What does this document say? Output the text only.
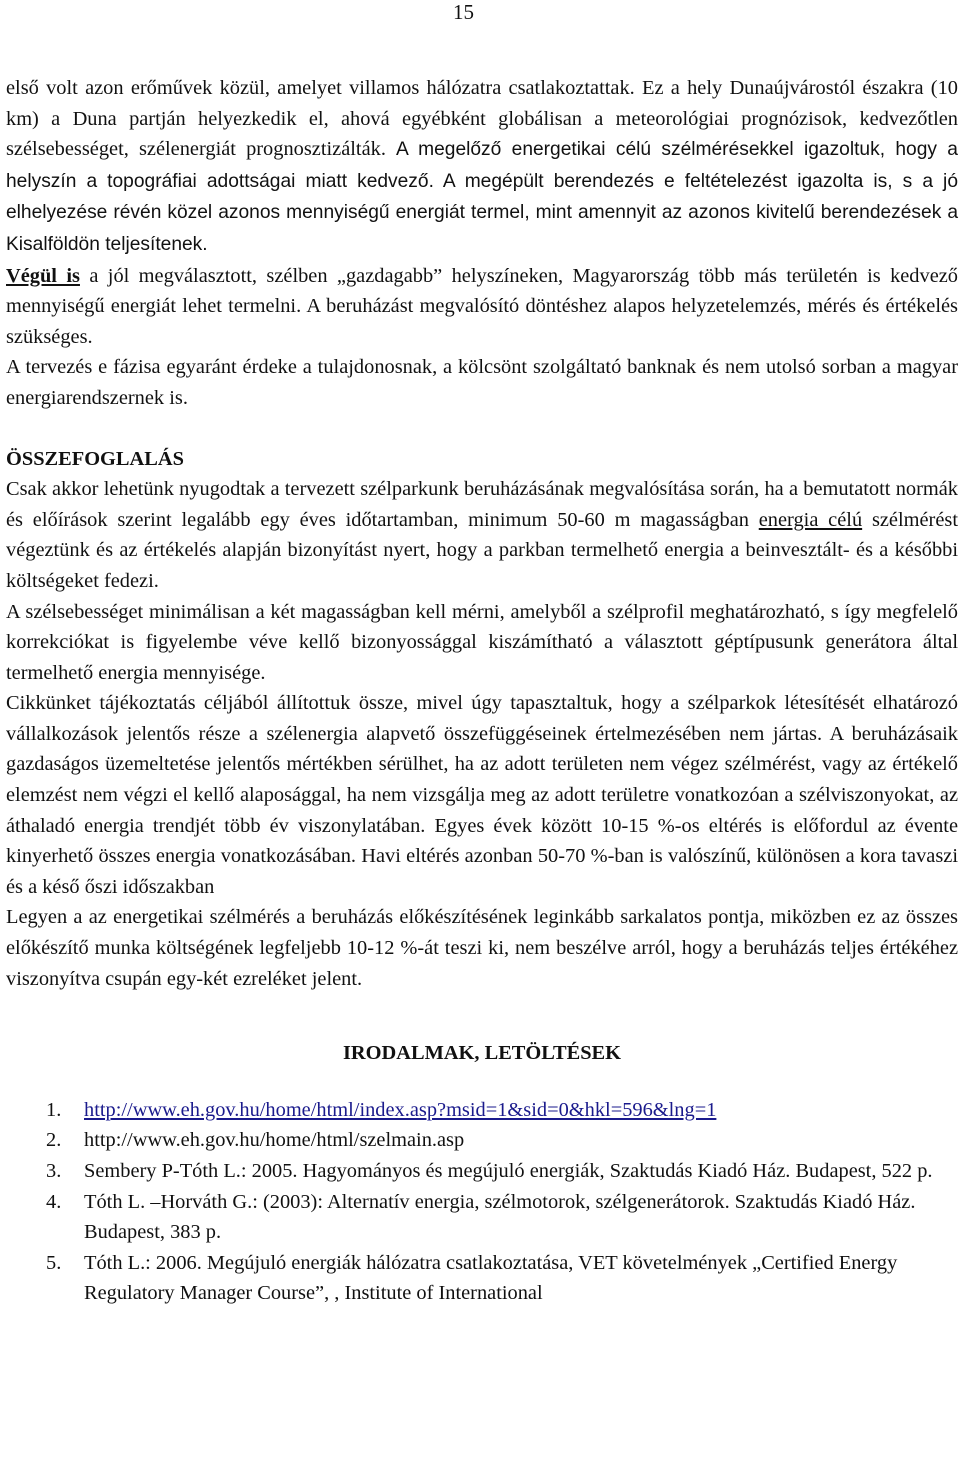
15

első volt azon erőművek közül, amelyet villamos hálózatra csatlakoztattak. Ez a hely Dunaújvárostól északra (10 km) a Duna partján helyezkedik el, ahová egyébként globálisan a meteorológiai prognózisok, kedvezőtlen szélsebességet, szélenergiát prognosztizálták. A megelőző energetikai célú szélmérésekkel igazoltuk, hogy a helyszín a topográfiai adottságai miatt kedvező. A megépült berendezés e feltételezést igazolta is, s a jó elhelyezése révén közel azonos mennyiségű energiát termel, mint amennyit az azonos kivitelű berendezések a Kisalföldön teljesítenek.

Végül is a jól megválasztott, szélben „gazdagabb” helyszíneken, Magyarország több más területén is kedvező mennyiségű energiát lehet termelni. A beruházást megvalósító döntéshez alapos helyzetelemzés, mérés és értékelés szükséges.

A tervezés e fázisa egyaránt érdeke a tulajdonosnak, a kölcsönt szolgáltató banknak és nem utolsó sorban a magyar energiarendszernek is.

ÖSSZEFOGLALÁS

Csak akkor lehetünk nyugodtak a tervezett szélparkunk beruházásának megvalósítása során, ha a bemutatott normák és előírások szerint legalább egy éves időtartamban, minimum 50-60 m magasságban energia célú szélmérést végeztünk és az értékelés alapján bizonyítást nyert, hogy a parkban termelhető energia a beinvesztált- és a későbbi költségeket fedezi.

A szélsebességet minimálisan a két magasságban kell mérni, amelyből a szélprofil meghatározható, s így megfelelő korrekciókat is figyelembe véve kellő bizonyossággal kiszámítható a választott géptípusunk generátora által termelhető energia mennyisége.

Cikkünket tájékoztatás céljából állítottuk össze, mivel úgy tapasztaltuk, hogy a szélparkok létesítését elhatározó vállalkozások jelentős része a szélenergia alapvető összefüggéseinek értelmezésében nem jártas. A beruházásaik gazdaságos üzemeltetése jelentős mértékben sérülhet, ha az adott területen nem végez szélmérést, vagy az értékelő elemzést nem végzi el kellő alaposággal, ha nem vizsgálja meg az adott területre vonatkozóan a szélviszonyokat, az áthaladó energia trendjét több év viszonylatában. Egyes évek között 10-15 %-os eltérés is előfordul az évente kinyerhető összes energia vonatkozásában. Havi eltérés azonban 50-70 %-ban is valószínű, különösen a kora tavaszi és a késő őszi időszakban

Legyen a az energetikai szélmérés a beruházás előkészítésének leginkább sarkalatos pontja, miközben ez az összes előkészítő munka költségének legfeljebb 10-12 %-át teszi ki, nem beszélve arról, hogy a beruházás teljes értékéhez viszonyítva csupán egy-két ezreléket jelent.

IRODALMAK, LETÖLTÉSEK
1. http://www.eh.gov.hu/home/html/index.asp?msid=1&sid=0&hkl=596&lng=1
2. http://www.eh.gov.hu/home/html/szelmain.asp
3. Sembery P-Tóth L.: 2005. Hagyományos és megújuló energiák, Szaktudás Kiadó Ház. Budapest, 522 p.
4. Tóth L. –Horváth G.: (2003): Alternatív energia, szélmotorok, szélgenerátorok. Szaktudás Kiadó Ház. Budapest, 383 p.
5. Tóth L.: 2006. Megújuló energiák hálózatra csatlakoztatása, VET követelmények „Certified Energy Regulatory Manager Course”, , Institute of International
